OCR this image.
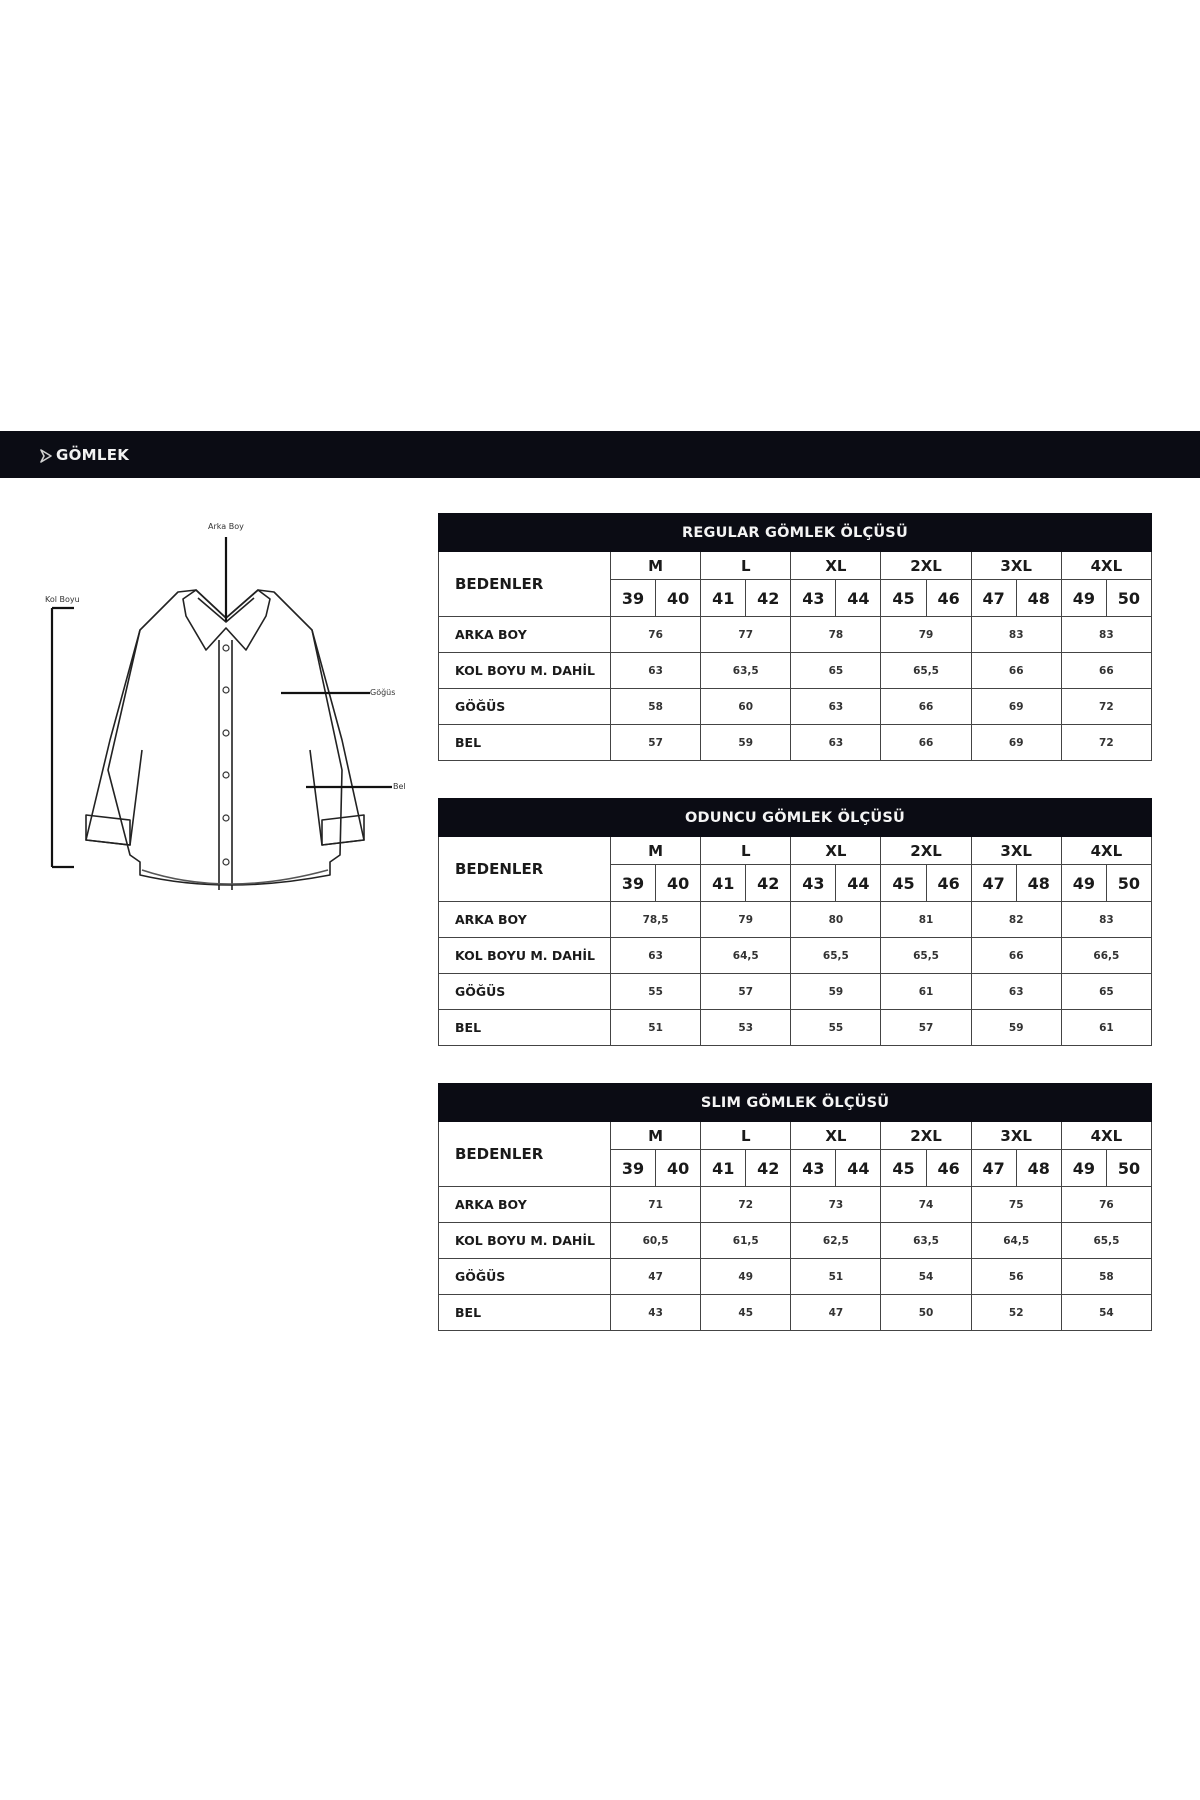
GÖMLEK
Arka Boy
Kol Boyu
Göğüs
Bel
REGULAR GÖMLEK ÖLÇÜSÜ												
BEDENLER	M		L		XL		2XL		3XL		4XL	
	39	40	41	42	43	44	45	46	47	48	49	50
ARKA BOY	76		77		78		79		83		83	
KOL BOYU M. DAHİL	63		63,5		65		65,5		66		66	
GÖĞÜS	58		60		63		66		69		72	
BEL	57		59		63		66		69		72	
ODUNCU GÖMLEK ÖLÇÜSÜ												
BEDENLER	M		L		XL		2XL		3XL		4XL	
	39	40	41	42	43	44	45	46	47	48	49	50
ARKA BOY	78,5		79		80		81		82		83	
KOL BOYU M. DAHİL	63		64,5		65,5		65,5		66		66,5	
GÖĞÜS	55		57		59		61		63		65	
BEL	51		53		55		57		59		61	
SLIM GÖMLEK ÖLÇÜSÜ												
BEDENLER	M		L		XL		2XL		3XL		4XL	
	39	40	41	42	43	44	45	46	47	48	49	50
ARKA BOY	71		72		73		74		75		76	
KOL BOYU M. DAHİL	60,5		61,5		62,5		63,5		64,5		65,5	
GÖĞÜS	47		49		51		54		56		58	
BEL	43		45		47		50		52		54	
